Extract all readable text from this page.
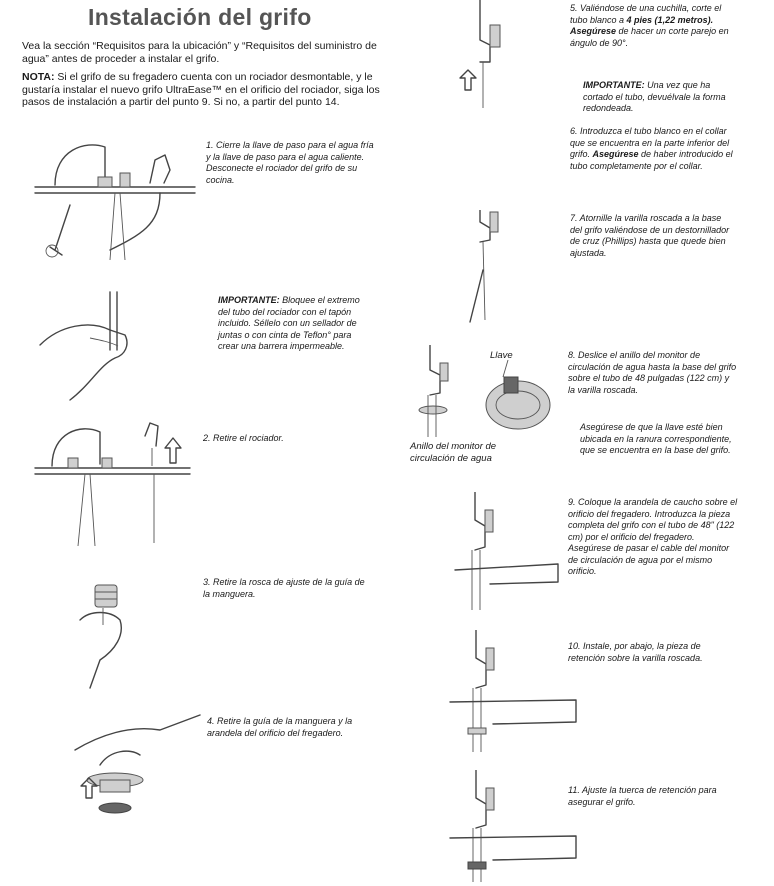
Instalación del grifo

Vea la sección “Requisitos para la ubicación” y “Requisitos del suministro de agua” antes de proceder a instalar el grifo.

NOTA: Si el grifo de su fregadero cuenta con un rociador desmontable, y le gustaría instalar el nuevo grifo UltraEase™ en el orificio del rociador, siga los pasos de instalación a partir del punto 9. Si no, a partir del punto 14.

1. Cierre la llave de paso para el agua fría y la llave de paso para el agua caliente. Desconecte el rociador del grifo de su cocina.
IMPORTANTE: Bloquee el extremo del tubo del rociador con el tapón incluido. Séllelo con un sellador de juntas o con cinta de Teflon° para crear una barrera impermeable.
2. Retire el rociador.
3. Retire la rosca de ajuste de la guía de la manguera.
4. Retire la guía de la manguera y la arandela del orificio del fregadero.
5. Valiéndose de una cuchilla, corte el tubo blanco a 4 pies (1,22 metros). Asegúrese de hacer un corte parejo en ángulo de 90°.
IMPORTANTE: Una vez que ha cortado el tubo, devuélvale la forma redondeada.
6. Introduzca el tubo blanco en el collar que se encuentra en la parte inferior del grifo. Asegúrese de haber introducido el tubo completamente por el collar.
7. Atornille la varilla roscada a la base del grifo valiéndose de un destornillador de cruz (Phillips) hasta que quede bien ajustada.
Llave
Anillo del monitor de circulación de agua
8. Deslice el anillo del monitor de circulación de agua hasta la base del grifo sobre el tubo de 48 pulgadas (122 cm) y la varilla roscada.
Asegúrese de que la llave esté bien ubicada en la ranura correspondiente, que se encuentra en la base del grifo.
9. Coloque la arandela de caucho sobre el orificio del fregadero. Introduzca la pieza completa del grifo con el tubo de 48" (122 cm) por el orificio del fregadero. Asegúrese de pasar el cable del monitor de circulación de agua por el mismo orificio.
10. Instale, por abajo, la pieza de retención sobre la varilla roscada.
11. Ajuste la tuerca de retención para asegurar el grifo.
